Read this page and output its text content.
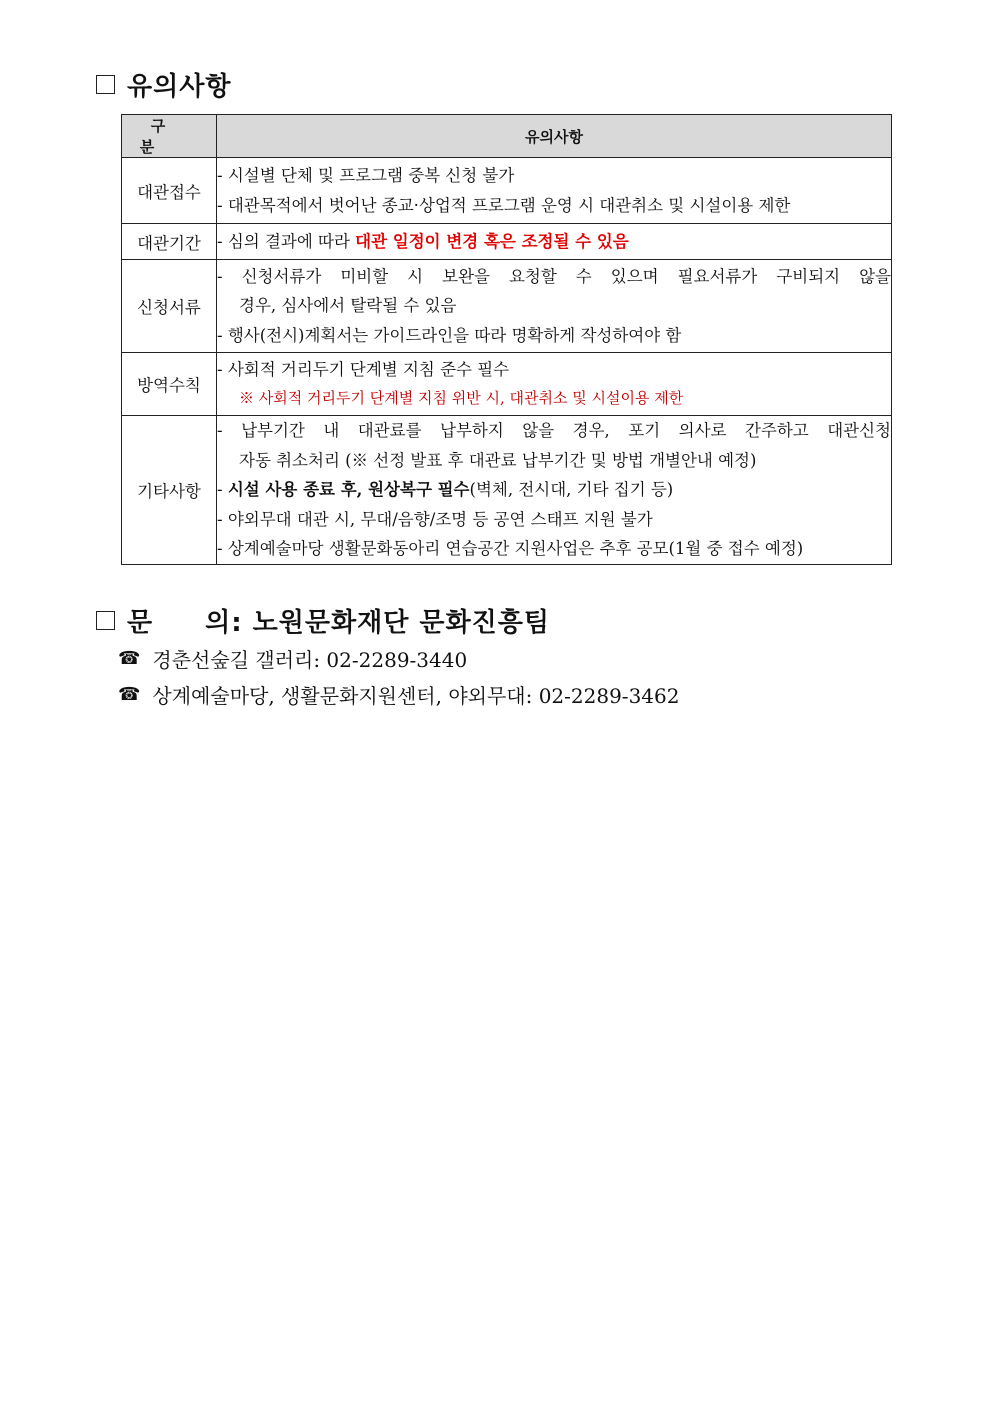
유의사항
구 분	유의사항
대관접수	- 시설별 단체 및 프로그램 중복 신청 불가
- 대관목적에서 벗어난 종교·상업적 프로그램 운영 시 대관취소 및 시설이용 제한

대관기간	- 심의 결과에 따라 대관 일정이 변경 혹은 조정될 수 있음

신청서류	- 신청서류가 미비할 시 보완을 요청할 수 있으며 필요서류가 구비되지 않을
경우, 심사에서 탈락될 수 있음
- 행사(전시)계획서는 가이드라인을 따라 명확하게 작성하여야 함

방역수칙	- 사회적 거리두기 단계별 지침 준수 필수
※ 사회적 거리두기 단계별 지침 위반 시, 대관취소 및 시설이용 제한

기타사항	- 납부기간 내 대관료를 납부하지 않을 경우, 포기 의사로 간주하고 대관신청
자동 취소처리 (※ 선정 발표 후 대관료 납부기간 및 방법 개별안내 예정)
- 시설 사용 종료 후, 원상복구 필수(벽체, 전시대, 기타 집기 등)
- 야외무대 대관 시, 무대/음향/조명 등 공연 스태프 지원 불가
- 상계예술마당 생활문화동아리 연습공간 지원사업은 추후 공모(1월 중 접수 예정)
문 의: 노원문화재단 문화진흥팀
☎ 경춘선숲길 갤러리: 02-2289-3440
☎ 상계예술마당, 생활문화지원센터, 야외무대: 02-2289-3462
